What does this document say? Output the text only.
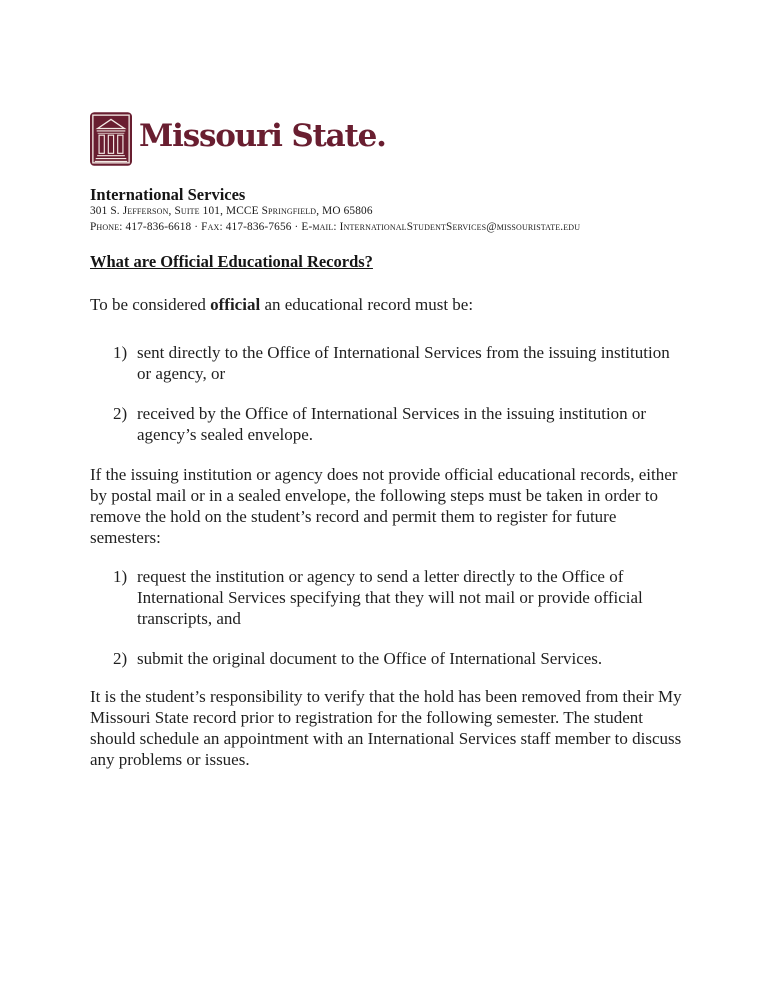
Missouri State.
International Services
301 S. Jefferson, Suite 101, MCCE Springfield, MO 65806
Phone: 417-836-6618 · Fax: 417-836-7656 · E-mail: InternationalStudentServices@missouristate.edu
What are Official Educational Records?

To be considered official an educational record must be:

1) sent directly to the Office of International Services from the issuing institution or agency, or
2) received by the Office of International Services in the issuing institution or agency’s sealed envelope.

If the issuing institution or agency does not provide official educational records, either by postal mail or in a sealed envelope, the following steps must be taken in order to remove the hold on the student’s record and permit them to register for future semesters:

1) request the institution or agency to send a letter directly to the Office of International Services specifying that they will not mail or provide official transcripts, and
2) submit the original document to the Office of International Services.

It is the student’s responsibility to verify that the hold has been removed from their My Missouri State record prior to registration for the following semester. The student should schedule an appointment with an International Services staff member to discuss any problems or issues.
